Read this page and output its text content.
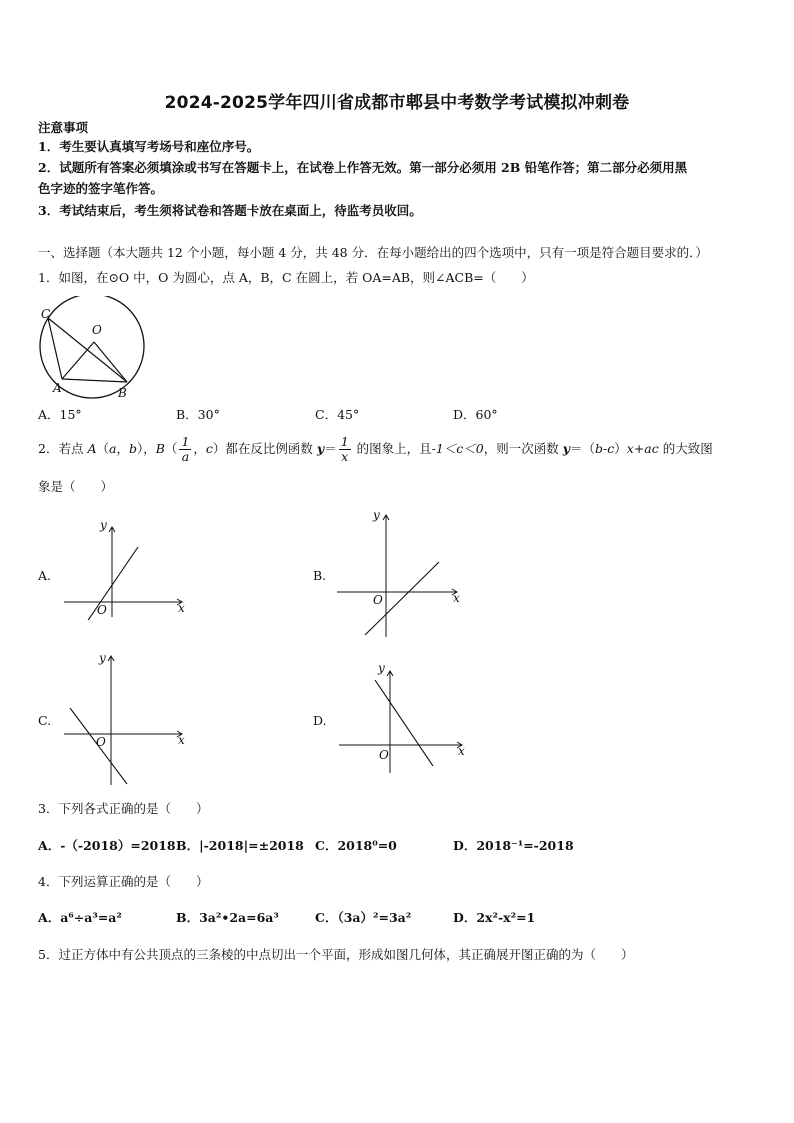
2024-2025学年四川省成都市郫县中考数学考试模拟冲刺卷
注意事项
1．考生要认真填写考场号和座位序号。
2．试题所有答案必须填涂或书写在答题卡上，在试卷上作答无效。第一部分必须用 2B 铅笔作答；第二部分必须用黑
色字迹的签字笔作答。
3．考试结束后，考生须将试卷和答题卡放在桌面上，待监考员收回。
一、选择题（本大题共 12 个小题，每小题 4 分，共 48 分．在每小题给出的四个选项中，只有一项是符合题目要求的．）
1．如图，在⊙O 中，O 为圆心，点 A，B，C 在圆上，若 OA=AB，则∠ACB=（　　）
C
O
A	B
A．15°	B．30°	C．45°	D．60°
2．若点 A（a，b），$B( \frac{1}{a}$ ，c）都在反比例函数 $y= \frac{1}{x}$ 的图象上，且-1＜c＜0，则一次函数 y＝（b-c）x+ac 的大致图
象是（　　）
A.
y
x
O
B.
y
x
O
C.
y
x
O
D.
y
x
O
3．下列各式正确的是（　　）
A．-（-2018）=2018 B．|-2018|=±2018 C．2018⁰=0	D．2018⁻¹=-2018
4．下列运算正确的是（　　）
A．a⁶÷a³=a²	B．3a²•2a=6a³	C．（3a）²=3a²	D．2x²-x²=1
5．过正方体中有公共顶点的三条棱的中点切出一个平面，形成如图几何体，其正确展开图正确的为（　　）
